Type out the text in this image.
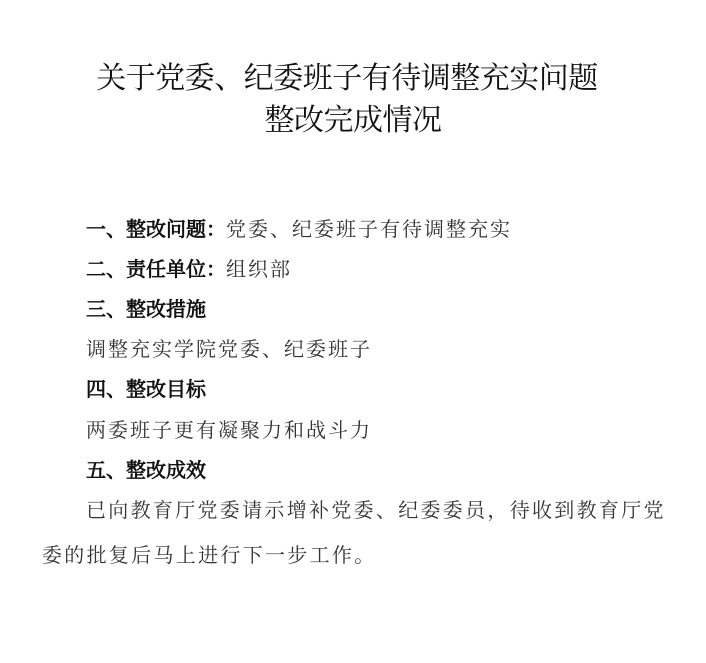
关于党委、纪委班子有待调整充实问题
整改完成情况
一、整改问题：党委、纪委班子有待调整充实
二、责任单位：组织部
三、整改措施
调整充实学院党委、纪委班子
四、整改目标
两委班子更有凝聚力和战斗力
五、整改成效
已向教育厅党委请示增补党委、纪委委员，待收到教育厅党
委的批复后马上进行下一步工作。
